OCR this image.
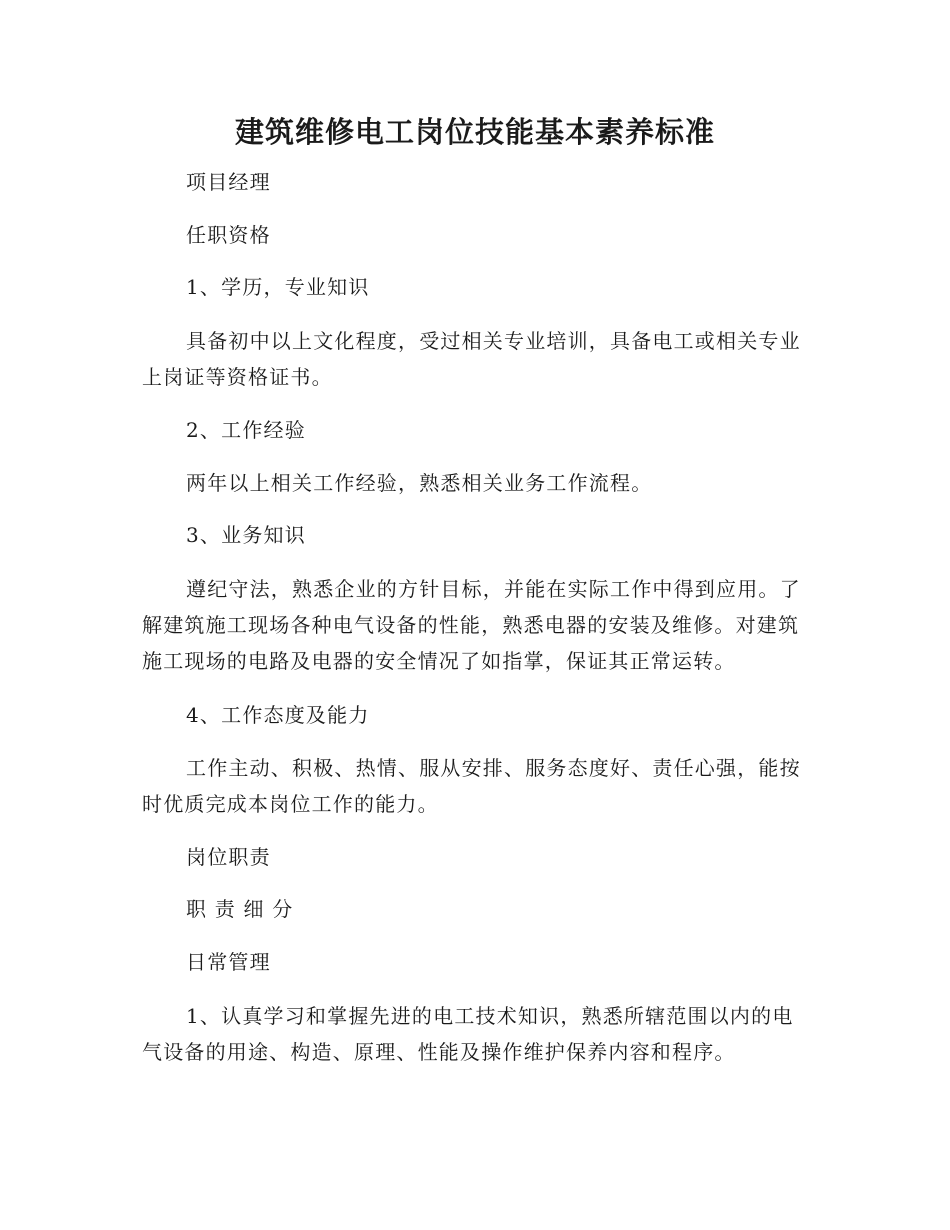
建筑维修电工岗位技能基本素养标准

项目经理

任职资格

1、学历，专业知识

具备初中以上文化程度，受过相关专业培训，具备电工或相关专业上岗证等资格证书。

2、工作经验

两年以上相关工作经验，熟悉相关业务工作流程。

3、业务知识

遵纪守法，熟悉企业的方针目标，并能在实际工作中得到应用。了解建筑施工现场各种电气设备的性能，熟悉电器的安装及维修。对建筑施工现场的电路及电器的安全情况了如指掌，保证其正常运转。

4、工作态度及能力

工作主动、积极、热情、服从安排、服务态度好、责任心强，能按时优质完成本岗位工作的能力。

岗位职责

职 责 细 分

日常管理

1、认真学习和掌握先进的电工技术知识，熟悉所辖范围以内的电气设备的用途、构造、原理、性能及操作维护保养内容和程序。
